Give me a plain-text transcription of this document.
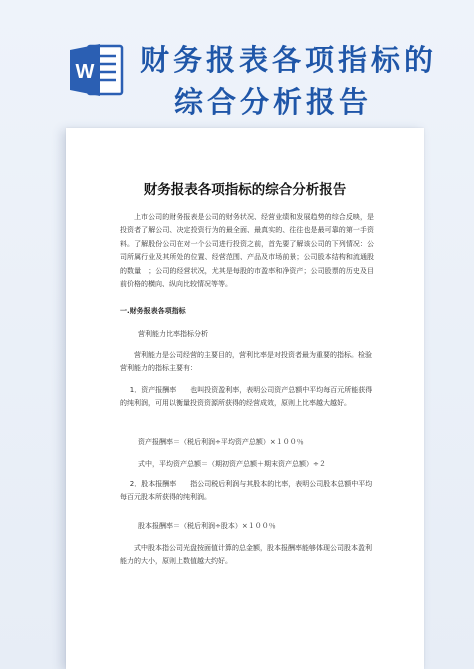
W 财务报表各项指标的
综合分析报告
财务报表各项指标的综合分析报告

上市公司的财务报表是公司的财务状况、经营业绩和发展趋势的综合反映，是投资者了解公司、决定投资行为的最全面、最真实的、往往也是最可靠的第一手资料。了解股份公司在对一个公司进行投资之前，首先要了解该公司的下列情况：公司所属行业及其所处的位置、经营范围、产品及市场前景；公司股本结构和流通股的数量　；公司的经营状况，尤其是每股的市盈率和净资产；公司股票的历史及目前价格的横向、纵向比较情况等等。

一.财务报表各项指标
营利能力比率指标分析

营利能力是公司经营的主要目的，营利比率是对投资者最为重要的指标。检验营利能力的指标主要有：

1．资产报酬率　　也叫投资盈利率，表明公司资产总额中平均每百元所能获得的纯利润，可用以衡量投资资源所获得的经营成效，原则上比率越大越好。

资产报酬率＝（税后利润÷平均资产总额）×１００％
式中，平均资产总额＝（期初资产总额＋期末资产总额）÷２

2．股本报酬率　　指公司税后利润与其股本的比率，表明公司股本总额中平均每百元股本所获得的纯利润。

股本报酬率＝（税后利润÷股本）×１００％

式中股本指公司光盘按面值计算的总金额，股本报酬率能够体现公司股本盈利能力的大小，原则上数值越大约好。
